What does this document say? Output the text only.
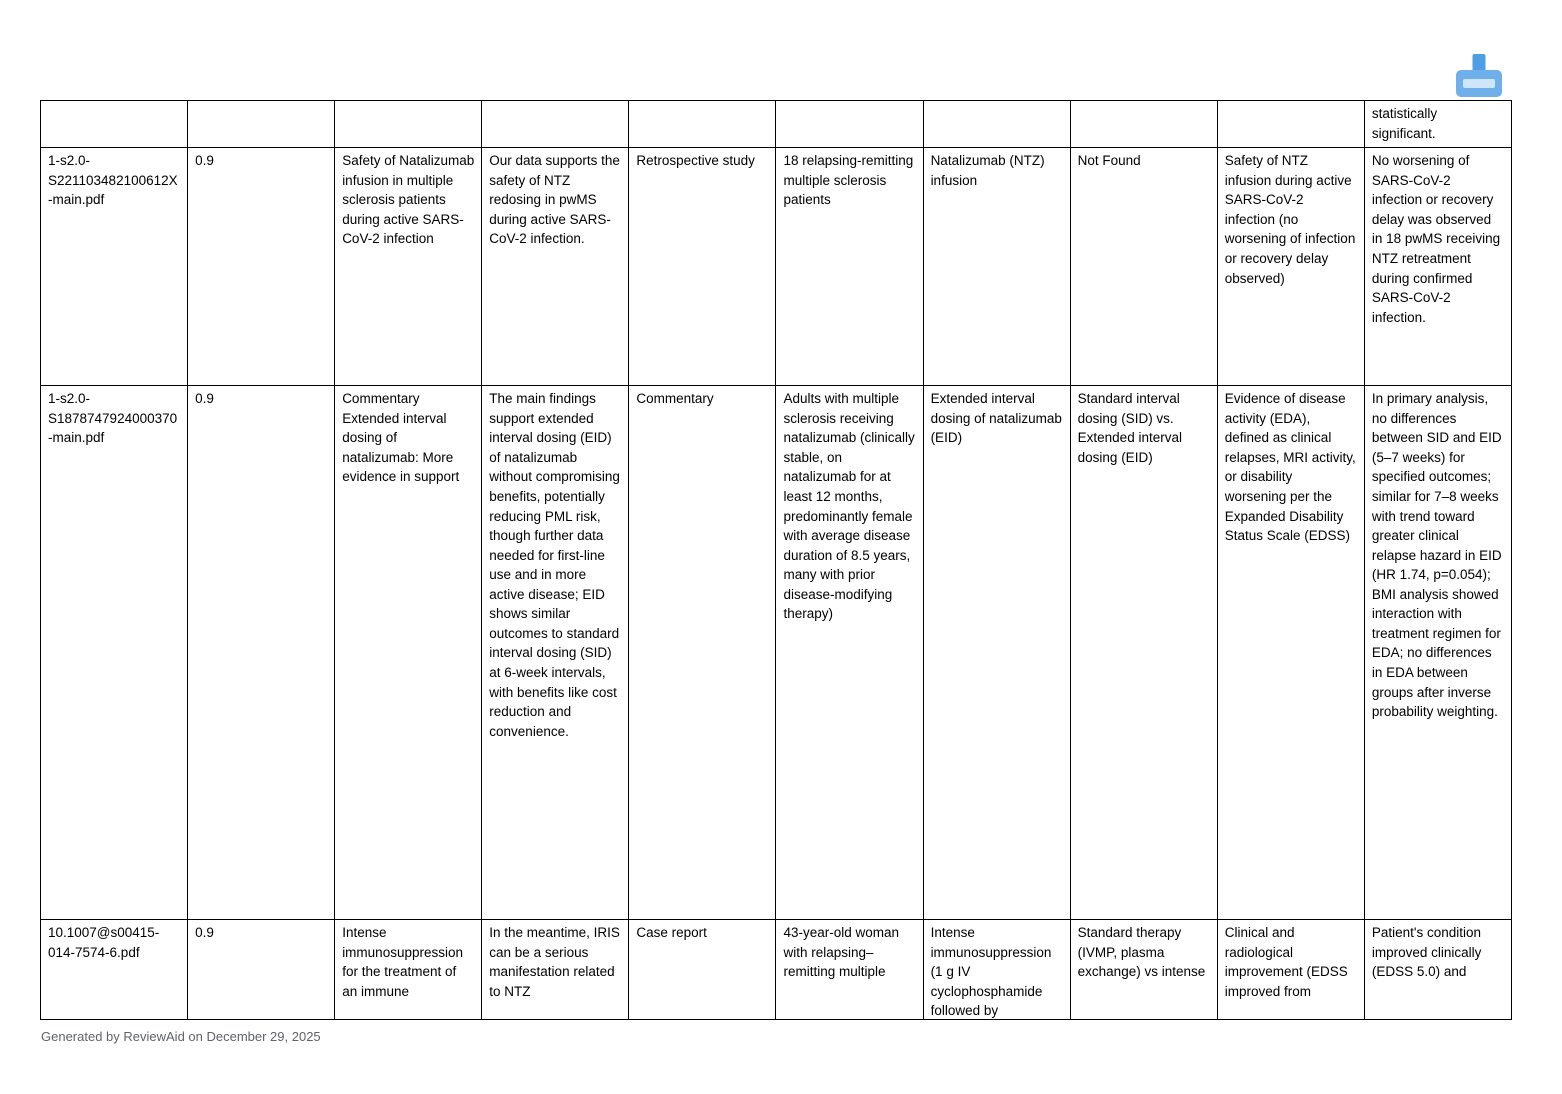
									statistically significant.
1-s2.0-S221103482100612X-main.pdf	0.9	Safety of Natalizumab infusion in multiple sclerosis patients during active SARS-CoV-2 infection	Our data supports the safety of NTZ redosing in pwMS during active SARS-CoV-2 infection.	Retrospective study	18 relapsing-remitting multiple sclerosis patients	Natalizumab (NTZ) infusion	Not Found	Safety of NTZ infusion during active SARS-CoV-2 infection (no worsening of infection or recovery delay observed)	No worsening of SARS-CoV-2 infection or recovery delay was observed in 18 pwMS receiving NTZ retreatment during confirmed SARS-CoV-2 infection.
1-s2.0-S1878747924000370-main.pdf	0.9	Commentary Extended interval dosing of natalizumab: More evidence in support	The main findings support extended interval dosing (EID) of natalizumab without compromising benefits, potentially reducing PML risk, though further data needed for first-line use and in more active disease; EID shows similar outcomes to standard interval dosing (SID) at 6-week intervals, with benefits like cost reduction and convenience.	Commentary	Adults with multiple sclerosis receiving natalizumab (clinically stable, on natalizumab for at least 12 months, predominantly female with average disease duration of 8.5 years, many with prior disease-modifying therapy)	Extended interval dosing of natalizumab (EID)	Standard interval dosing (SID) vs. Extended interval dosing (EID)	Evidence of disease activity (EDA), defined as clinical relapses, MRI activity, or disability worsening per the Expanded Disability Status Scale (EDSS)	In primary analysis, no differences between SID and EID (5–7 weeks) for specified outcomes; similar for 7–8 weeks with trend toward greater clinical relapse hazard in EID (HR 1.74, p=0.054); BMI analysis showed interaction with treatment regimen for EDA; no differences in EDA between groups after inverse probability weighting.

10.1007@s00415-014-7574-6.pdf	0.9	Intense immunosuppression for the treatment of an immune	In the meantime, IRIS can be a serious manifestation related to NTZ	Case report	43-year-old woman with relapsing–remitting multiple	Intense immunosuppression (1 g IV cyclophosphamide followed by	Standard therapy (IVMP, plasma exchange) vs intense	Clinical and radiological improvement (EDSS improved from	Patient's condition improved clinically (EDSS 5.0) and
Generated by ReviewAid on December 29, 2025
